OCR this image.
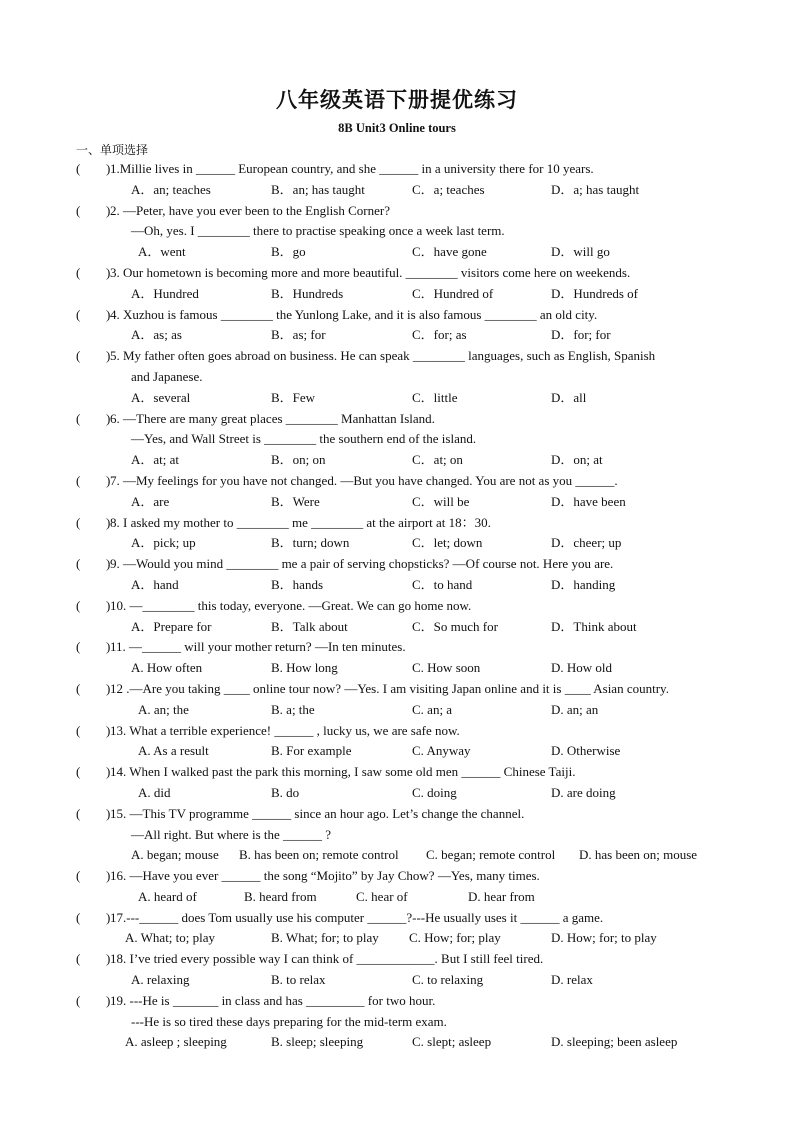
八年级英语下册提优练习
8B Unit3 Online tours
一、单项选择
( ) 1.Millie lives in ______ European country, and she ______ in a university there for 10 years.
A．an; teaches	B．an; has taught	C．a; teaches	D．a; has taught
( ) 2. —Peter, have you ever been to the English Corner?
—Oh, yes. I ________ there to practise speaking once a week last term.
A．went	B．go	C．have gone	D．will go
( ) 3. Our hometown is becoming more and more beautiful. ________ visitors come here on weekends.
A．Hundred	B．Hundreds	C．Hundred of	D．Hundreds of
( ) 4. Xuzhou is famous ________ the Yunlong Lake, and it is also famous ________ an old city.
A．as; as	B．as; for	C．for; as	D．for; for
( ) 5. My father often goes abroad on business. He can speak ________ languages, such as English, Spanish
and Japanese.
A．several	B．Few	C．little	D．all
( ) 6. —There are many great places ________ Manhattan Island.
—Yes, and Wall Street is ________ the southern end of the island.
A．at; at	B．on; on	C．at; on	D．on; at
( ) 7. —My feelings for you have not changed. —But you have changed. You are not as you ______.
A．are	B．Were	C．will be	D．have been
( ) 8. I asked my mother to ________ me ________ at the airport at 18：30.
A．pick; up	B．turn; down	C．let; down	D．cheer; up
( ) 9. —Would you mind ________ me a pair of serving chopsticks? —Of course not. Here you are.
A．hand	B．hands	C．to hand	D．handing
( ) 10. —________ this today, everyone. —Great. We can go home now.
A．Prepare for	B．Talk about	C．So much for	D．Think about
( ) 11. —______ will your mother return? —In ten minutes.
A. How often	B. How long	C. How soon	D. How old
( ) 12 .—Are you taking ____ online tour now? —Yes. I am visiting Japan online and it is ____ Asian country.
A. an; the	B. a; the	C. an; a	D. an; an
( ) 13. What a terrible experience! ______ , lucky us, we are safe now.
A. As a result	B. For example	C. Anyway	D. Otherwise
( ) 14. When I walked past the park this morning, I saw some old men ______ Chinese Taiji.
A. did	B. do	C. doing	D. are doing
( ) 15. —This TV programme ______ since an hour ago. Let’s change the channel.
—All right. But where is the ______ ?
A. began; mouse B. has been on; remote control C. began; remote control D. has been on; mouse
( ) 16. —Have you ever ______ the song “Mojito” by Jay Chow? —Yes, many times.
A. heard of	B. heard from	C. hear of	D. hear from
( ) 17.---______ does Tom usually use his computer ______?---He usually uses it ______ a game.
A. What; to; play	B. What; for; to play C. How; for; play	D. How; for; to play
( ) 18. I’ve tried every possible way I can think of ____________. But I still feel tired.
A. relaxing	B. to relax	C. to relaxing	D. relax
( ) 19. ---He is _______ in class and has _________ for two hour.
---He is so tired these days preparing for the mid-term exam.
A. asleep ; sleeping	B. sleep; sleeping	C. slept; asleep	D. sleeping; been asleep
